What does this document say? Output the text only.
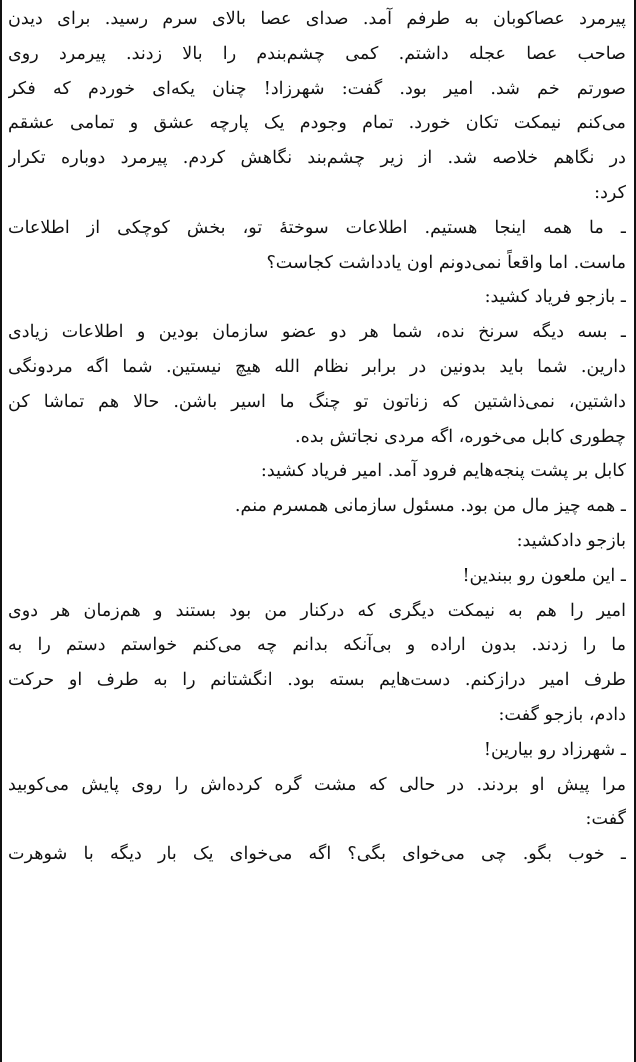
پیرمرد عصاکوبان به طرفم آمد. صدای عصا بالای سرم رسید. برای دیدن
صاحب عصا عجله داشتم. کمی چشم‌بندم را بالا زدند. پیرمرد روی
صورتم خم شد. امیر بود. گفت: شهرزاد! چنان یکه‌ای خوردم که فکر
می‌کنم نیمکت تکان خورد. تمام وجودم یک پارچه عشق و تمامی عشقم
در نگاهم خلاصه شد. از زیر چشم‌بند نگاهش کردم. پیرمرد دوباره تکرار
کرد:
ـ ما همه اینجا هستیم. اطلاعات سوختهٔ تو، بخش کوچکی از اطلاعات
ماست. اما واقعاً نمی‌دونم اون یادداشت کجاست؟
ـ بازجو فریاد کشید:
ـ بسه دیگه سرنخ نده، شما هر دو عضو سازمان بودین و اطلاعات زیادی
دارین. شما باید بدونین در برابر نظام الله هیچ نیستین. شما اگه مردونگی
داشتین، نمی‌ذاشتین که زناتون تو چنگ ما اسیر باشن. حالا هم تماشا کن
چطوری کابل می‌خوره، اگه مردی نجاتش بده.
کابل بر پشت پنجه‌هایم فرود آمد. امیر فریاد کشید:
ـ همه چیز مال من بود. مسئول سازمانی همسرم منم.
بازجو دادکشید:
ـ این ملعون رو ببندین!
امیر را هم به نیمکت دیگری که درکنار من بود بستند و هم‌زمان هر دوی
ما را زدند. بدون اراده و بی‌آنکه بدانم چه می‌کنم خواستم دستم را به
طرف امیر درازکنم. دست‌هایم بسته بود. انگشتانم را به طرف او حرکت
دادم، بازجو گفت:
ـ شهرزاد رو بیارین!
مرا پیش او بردند. در حالی که مشت گره کرده‌اش را روی پایش می‌کوبید
گفت:
ـ خوب بگو. چی می‌خوای بگی؟ اگه می‌خوای یک بار دیگه با شوهرت
